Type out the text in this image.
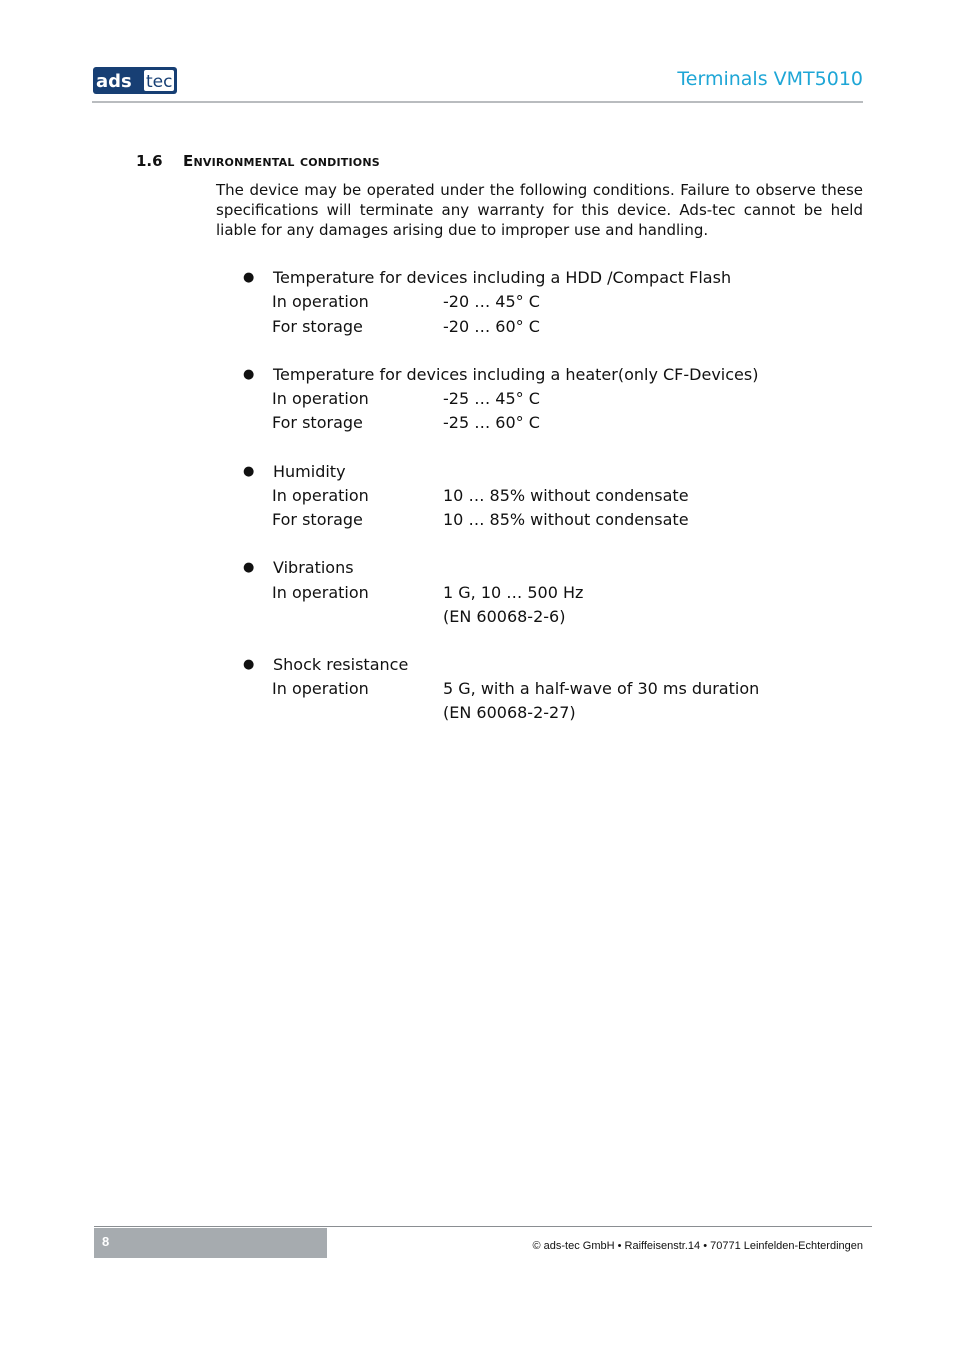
ads tec	Terminals VMT5010
1.6 Environmental conditions
The device may be operated under the following conditions. Failure to observe these specifications will terminate any warranty for this device. Ads-tec cannot be held liable for any damages arising due to improper use and handling.
● Temperature for devices including a HDD /Compact Flash
In operation	-20 … 45° C
For storage	-20 … 60° C
● Temperature for devices including a heater(only CF-Devices)
In operation	-25 … 45° C
For storage	-25 … 60° C
● Humidity
In operation	10 … 85% without condensate
For storage	10 … 85% without condensate
● Vibrations
In operation	1 G, 10 … 500 Hz
(EN 60068-2-6)
● Shock resistance
In operation	5 G, with a half-wave of 30 ms duration
(EN 60068-2-27)
8	© ads-tec GmbH • Raiffeisenstr.14 • 70771 Leinfelden-Echterdingen
